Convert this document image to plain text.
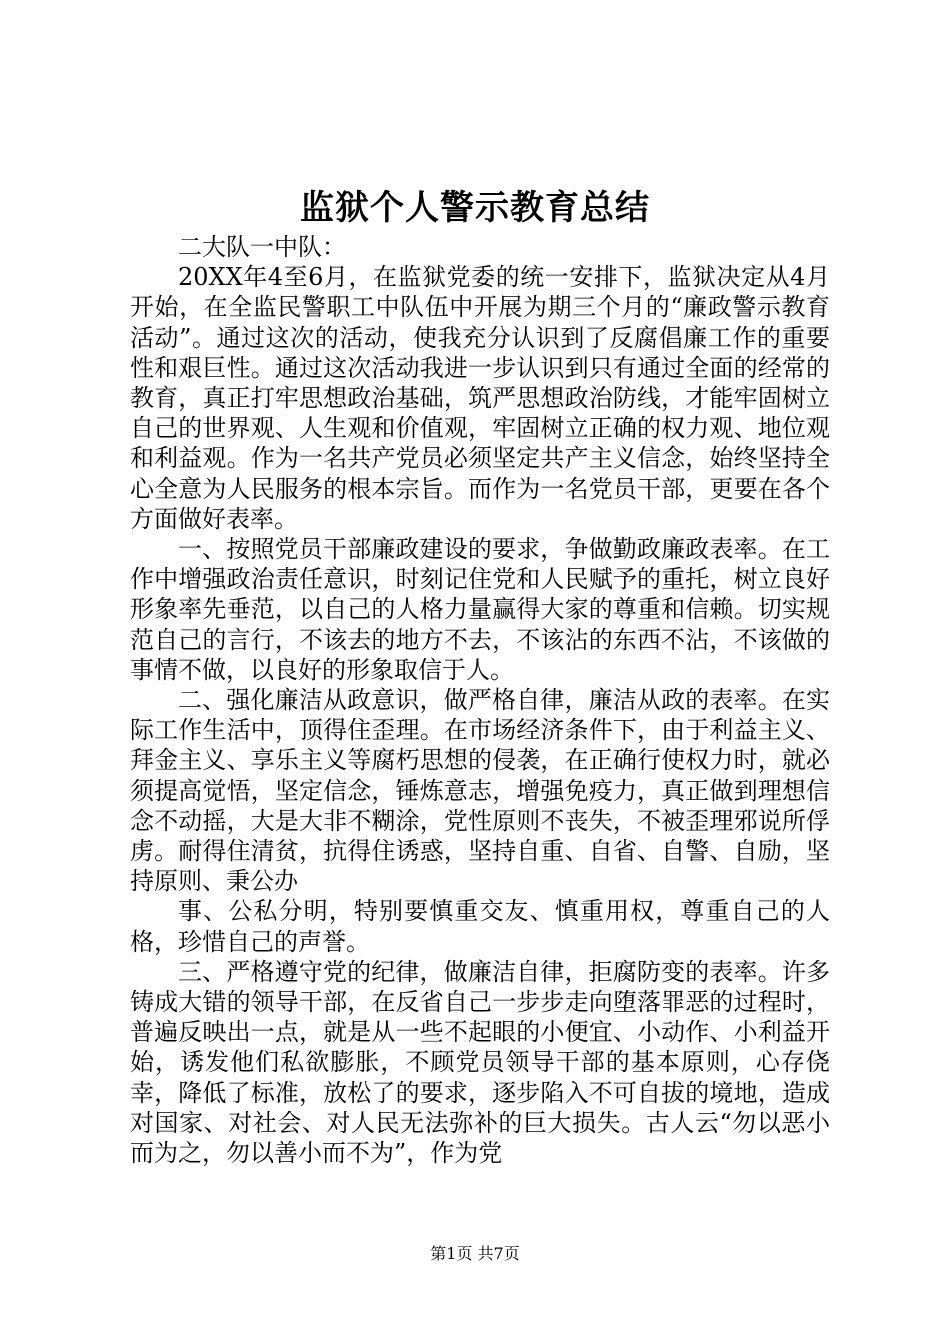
监狱个人警示教育总结

二大队一中队：

20XX年4至6月，在监狱党委的统一安排下，监狱决定从4月开始，在全监民警职工中队伍中开展为期三个月的“廉政警示教育活动”。通过这次的活动，使我充分认识到了反腐倡廉工作的重要性和艰巨性。通过这次活动我进一步认识到只有通过全面的经常的教育，真正打牢思想政治基础，筑严思想政治防线，才能牢固树立自己的世界观、人生观和价值观，牢固树立正确的权力观、地位观和利益观。作为一名共产党员必须坚定共产主义信念，始终坚持全心全意为人民服务的根本宗旨。而作为一名党员干部，更要在各个方面做好表率。

一、按照党员干部廉政建设的要求，争做勤政廉政表率。在工作中增强政治责任意识，时刻记住党和人民赋予的重托，树立良好形象率先垂范，以自己的人格力量赢得大家的尊重和信赖。切实规范自己的言行，不该去的地方不去，不该沾的东西不沾，不该做的事情不做，以良好的形象取信于人。

二、强化廉洁从政意识，做严格自律，廉洁从政的表率。在实际工作生活中，顶得住歪理。在市场经济条件下，由于利益主义、拜金主义、享乐主义等腐朽思想的侵袭，在正确行使权力时，就必须提高觉悟，坚定信念，锤炼意志，增强免疫力，真正做到理想信念不动摇，大是大非不糊涂，党性原则不丧失，不被歪理邪说所俘虏。耐得住清贫，抗得住诱惑，坚持自重、自省、自警、自励，坚持原则、秉公办

事、公私分明，特别要慎重交友、慎重用权，尊重自己的人格，珍惜自己的声誉。

三、严格遵守党的纪律，做廉洁自律，拒腐防变的表率。许多铸成大错的领导干部，在反省自己一步步走向堕落罪恶的过程时，普遍反映出一点，就是从一些不起眼的小便宜、小动作、小利益开始，诱发他们私欲膨胀，不顾党员领导干部的基本原则，心存侥幸，降低了标准，放松了的要求，逐步陷入不可自拔的境地，造成对国家、对社会、对人民无法弥补的巨大损失。古人云“勿以恶小而为之，勿以善小而不为”，作为党

第1页 共7页
